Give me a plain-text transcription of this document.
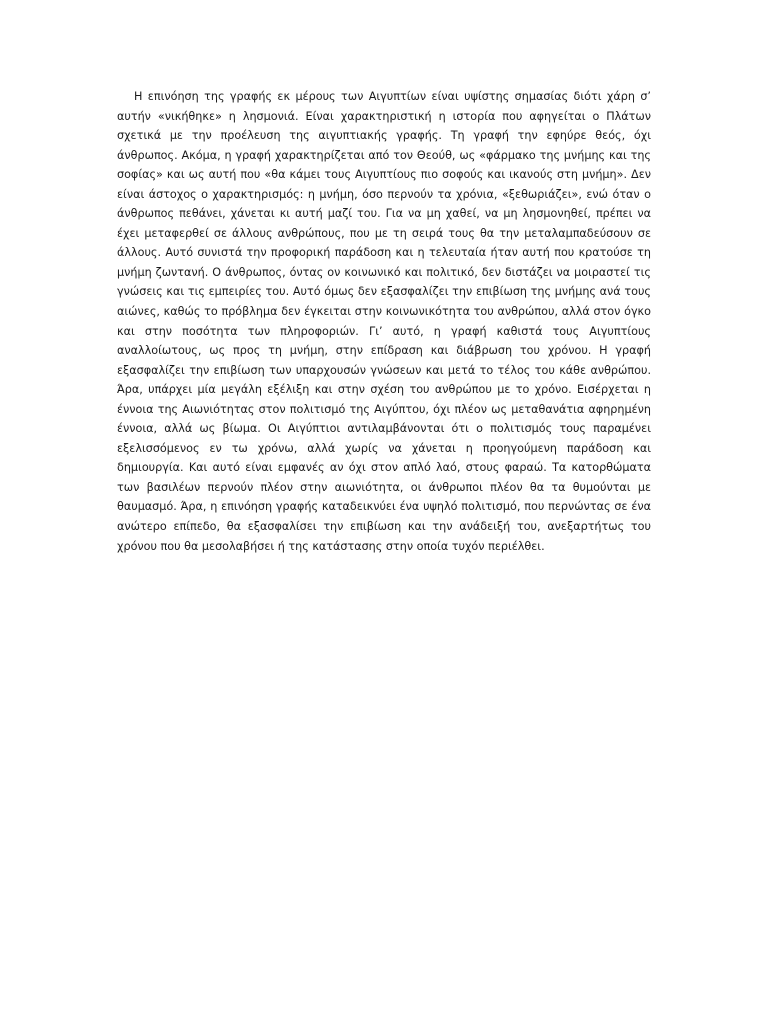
Η επινόηση της γραφής εκ μέρους των Αιγυπτίων είναι υψίστης σημασίας διότι χάρη σ’ αυτήν «νικήθηκε» η λησμονιά. Είναι χαρακτηριστική η ιστορία που αφηγείται ο Πλάτων σχετικά με την προέλευση της αιγυπτιακής γραφής. Τη γραφή την εφηύρε θεός, όχι άνθρωπος. Ακόμα, η γραφή χαρακτηρίζεται από τον Θεούθ, ως «φάρμακο της μνήμης και της σοφίας» και ως αυτή που «θα κάμει τους Αιγυπτίους πιο σοφούς και ικανούς στη μνήμη». Δεν είναι άστοχος ο χαρακτηρισμός: η μνήμη, όσο περνούν τα χρόνια, «ξεθωριάζει», ενώ όταν ο άνθρωπος πεθάνει, χάνεται κι αυτή μαζί του. Για να μη χαθεί, να μη λησμονηθεί, πρέπει να έχει μεταφερθεί σε άλλους ανθρώπους, που με τη σειρά τους θα την μεταλαμπαδεύσουν σε άλλους. Αυτό συνιστά την προφορική παράδοση και η τελευταία ήταν αυτή που κρατούσε τη μνήμη ζωντανή. Ο άνθρωπος, όντας ον κοινωνικό και πολιτικό, δεν διστάζει να μοιραστεί τις γνώσεις και τις εμπειρίες του. Αυτό όμως δεν εξασφαλίζει την επιβίωση της μνήμης ανά τους αιώνες, καθώς το πρόβλημα δεν έγκειται στην κοινωνικότητα του ανθρώπου, αλλά στον όγκο και στην ποσότητα των πληροφοριών. Γι’ αυτό, η γραφή καθιστά τους Αιγυπτίους αναλλοίωτους, ως προς τη μνήμη, στην επίδραση και διάβρωση του χρόνου. Η γραφή εξασφαλίζει την επιβίωση των υπαρχουσών γνώσεων και μετά το τέλος του κάθε ανθρώπου. Άρα, υπάρχει μία μεγάλη εξέλιξη και στην σχέση του ανθρώπου με το χρόνο. Εισέρχεται η έννοια της Αιωνιότητας στον πολιτισμό της Αιγύπτου, όχι πλέον ως μεταθανάτια αφηρημένη έννοια, αλλά ως βίωμα. Οι Αιγύπτιοι αντιλαμβάνονται ότι ο πολιτισμός τους παραμένει εξελισσόμενος εν τω χρόνω, αλλά χωρίς να χάνεται η προηγούμενη παράδοση και δημιουργία. Και αυτό είναι εμφανές αν όχι στον απλό λαό, στους φαραώ. Τα κατορθώματα των βασιλέων περνούν πλέον στην αιωνιότητα, οι άνθρωποι πλέον θα τα θυμούνται με θαυμασμό. Άρα, η επινόηση γραφής καταδεικνύει ένα υψηλό πολιτισμό, που περνώντας σε ένα ανώτερο επίπεδο, θα εξασφαλίσει την επιβίωση και την ανάδειξή του, ανεξαρτήτως του χρόνου που θα μεσολαβήσει ή της κατάστασης στην οποία τυχόν περιέλθει.
